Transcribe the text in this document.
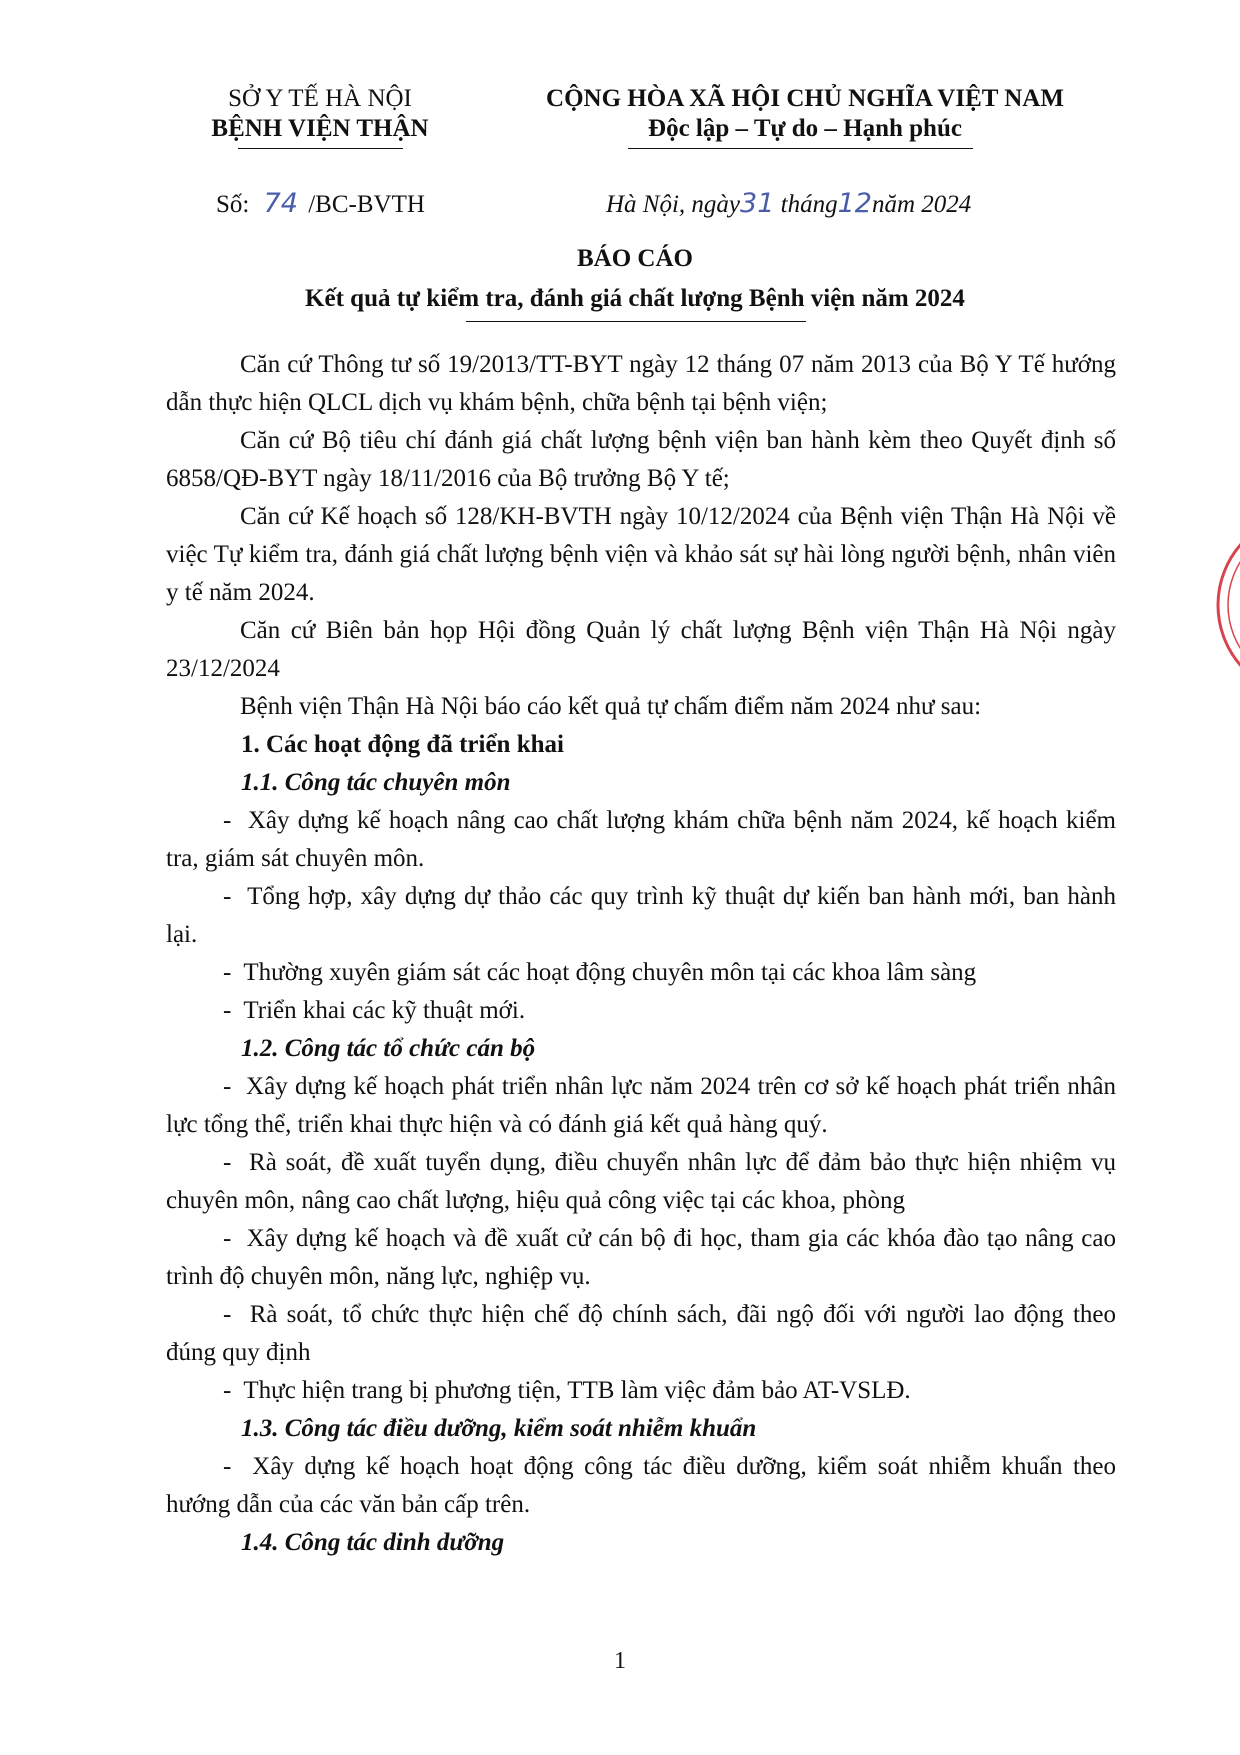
SỞ Y TẾ HÀ NỘI
BỆNH VIỆN THẬN
CỘNG HÒA XÃ HỘI CHỦ NGHĨA VIỆT NAM
Độc lập – Tự do – Hạnh phúc
Số: 74 /BC-BVTH	Hà Nội, ngày31 tháng12năm 2024
BÁO CÁO
Kết quả tự kiểm tra, đánh giá chất lượng Bệnh viện năm 2024

Căn cứ Thông tư số 19/2013/TT-BYT ngày 12 tháng 07 năm 2013 của Bộ Y Tế hướng dẫn thực hiện QLCL dịch vụ khám bệnh, chữa bệnh tại bệnh viện;

Căn cứ Bộ tiêu chí đánh giá chất lượng bệnh viện ban hành kèm theo Quyết định số 6858/QĐ-BYT ngày 18/11/2016 của Bộ trưởng Bộ Y tế;

Căn cứ Kế hoạch số 128/KH-BVTH ngày 10/12/2024 của Bệnh viện Thận Hà Nội về việc Tự kiểm tra, đánh giá chất lượng bệnh viện và khảo sát sự hài lòng người bệnh, nhân viên y tế năm 2024.

Căn cứ Biên bản họp Hội đồng Quản lý chất lượng Bệnh viện Thận Hà Nội ngày 23/12/2024

Bệnh viện Thận Hà Nội báo cáo kết quả tự chấm điểm năm 2024 như sau:

1. Các hoạt động đã triển khai

1.1. Công tác chuyên môn

- Xây dựng kế hoạch nâng cao chất lượng khám chữa bệnh năm 2024, kế hoạch kiểm tra, giám sát chuyên môn.

- Tổng hợp, xây dựng dự thảo các quy trình kỹ thuật dự kiến ban hành mới, ban hành lại.

- Thường xuyên giám sát các hoạt động chuyên môn tại các khoa lâm sàng

- Triển khai các kỹ thuật mới.

1.2. Công tác tổ chức cán bộ

- Xây dựng kế hoạch phát triển nhân lực năm 2024 trên cơ sở kế hoạch phát triển nhân lực tổng thể, triển khai thực hiện và có đánh giá kết quả hàng quý.

- Rà soát, đề xuất tuyển dụng, điều chuyển nhân lực để đảm bảo thực hiện nhiệm vụ chuyên môn, nâng cao chất lượng, hiệu quả công việc tại các khoa, phòng

- Xây dựng kế hoạch và đề xuất cử cán bộ đi học, tham gia các khóa đào tạo nâng cao trình độ chuyên môn, năng lực, nghiệp vụ.

- Rà soát, tổ chức thực hiện chế độ chính sách, đãi ngộ đối với người lao động theo đúng quy định

- Thực hiện trang bị phương tiện, TTB làm việc đảm bảo AT-VSLĐ.

1.3. Công tác điều dưỡng, kiểm soát nhiễm khuẩn

- Xây dựng kế hoạch hoạt động công tác điều dưỡng, kiểm soát nhiễm khuẩn theo hướng dẫn của các văn bản cấp trên.

1.4. Công tác dinh dưỡng

1
